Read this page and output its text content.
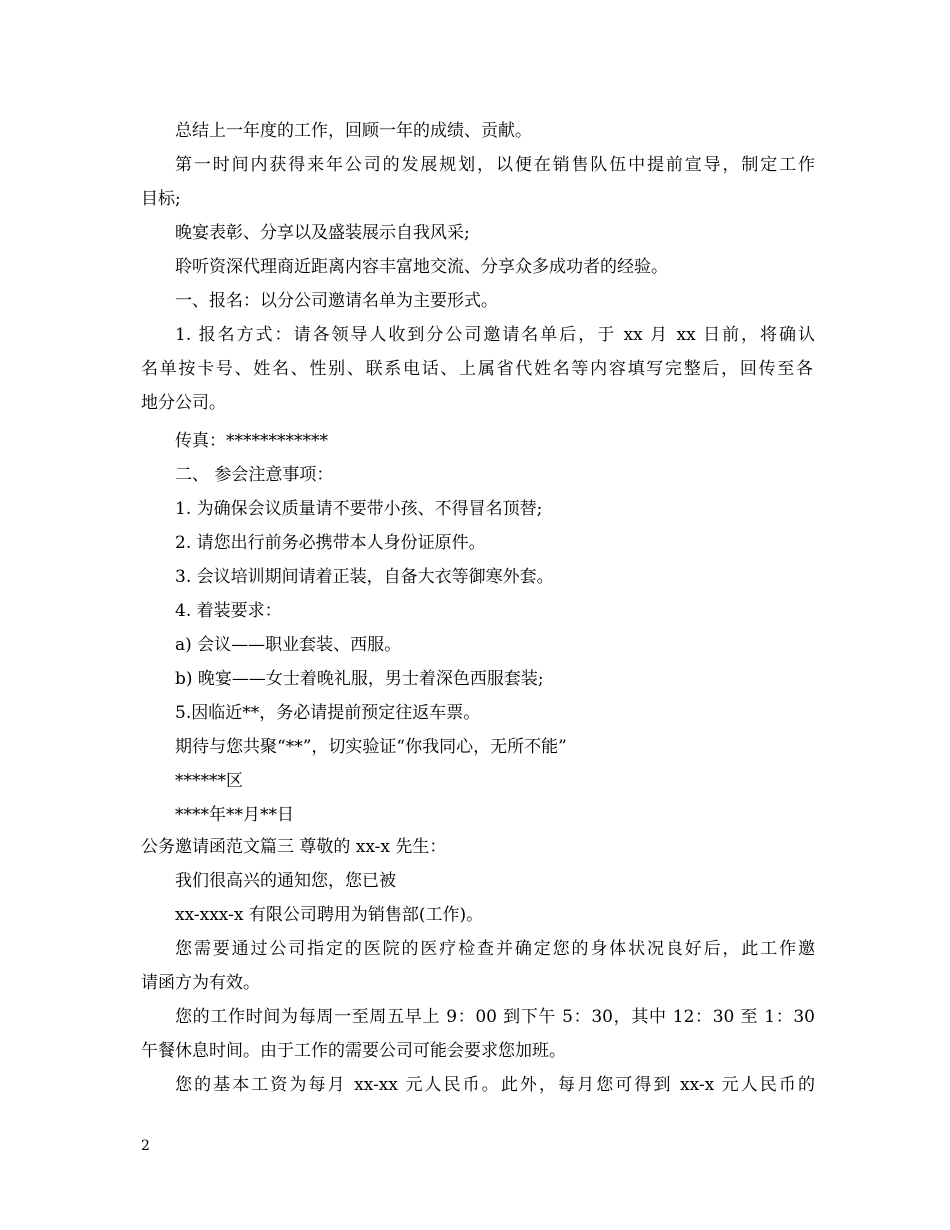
总结上一年度的工作，回顾一年的成绩、贡献。
第一时间内获得来年公司的发展规划，以便在销售队伍中提前宣导，制定工作
目标;
晚宴表彰、分享以及盛装展示自我风采;
聆听资深代理商近距离内容丰富地交流、分享众多成功者的经验。
一、报名：以分公司邀请名单为主要形式。
1. 报名方式：请各领导人收到分公司邀请名单后，于 xx 月 xx 日前，将确认
名单按卡号、姓名、性别、联系电话、上属省代姓名等内容填写完整后，回传至各
地分公司。
传真：************
二、 参会注意事项：
1. 为确保会议质量请不要带小孩、不得冒名顶替;
2. 请您出行前务必携带本人身份证原件。
3. 会议培训期间请着正装，自备大衣等御寒外套。
4. 着装要求：
a) 会议——职业套装、西服。
b) 晚宴——女士着晚礼服，男士着深色西服套装;
5.因临近**，务必请提前预定往返车票。
期待与您共聚“**”，切实验证“你我同心，无所不能”
******区
****年**月**日
公务邀请函范文篇三 尊敬的 xx-x 先生：
我们很高兴的通知您，您已被
xx-xxx-x 有限公司聘用为销售部(工作)。
您需要通过公司指定的医院的医疗检查并确定您的身体状况良好后，此工作邀
请函方为有效。
您的工作时间为每周一至周五早上 9：00 到下午 5：30，其中 12：30 至 1：30
午餐休息时间。由于工作的需要公司可能会要求您加班。
您的基本工资为每月 xx-xx 元人民币。此外，每月您可得到 xx-x 元人民币的
2
